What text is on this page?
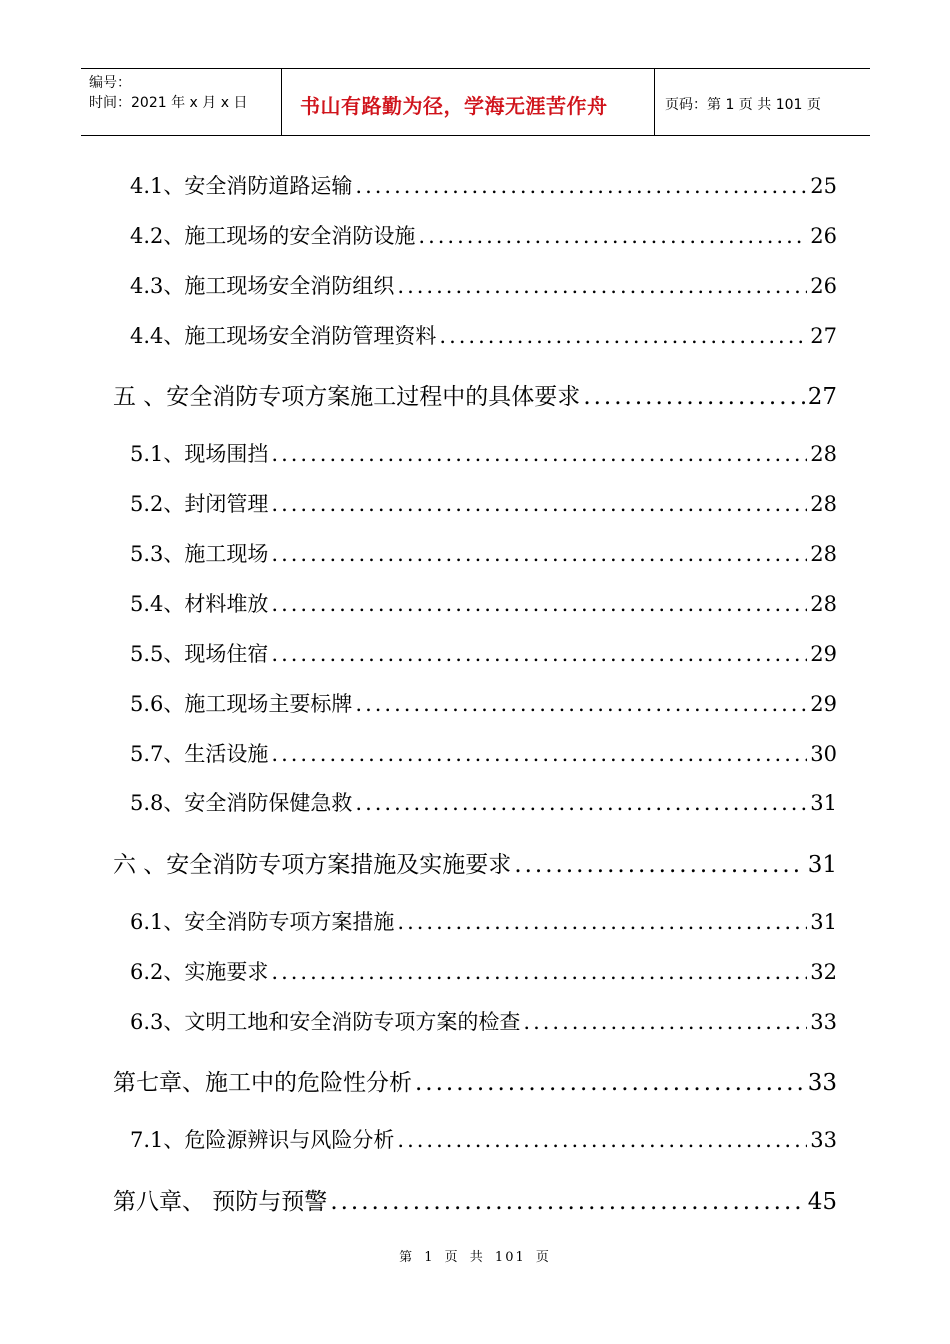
编号：
时间：2021 年 x 月 x 日	书山有路勤为径，学海无涯苦作舟	页码：第 1 页 共 101 页
4.1、安全消防道路运输 .....	25
4.2、施工现场的安全消防设施 .....	26
4.3、施工现场安全消防组织 .....	26
4.4、施工现场安全消防管理资料 .....	27
五 、安全消防专项方案施工过程中的具体要求 .....	27
5.1、现场围挡 .....	28
5.2、封闭管理 .....	28
5.3、施工现场 .....	28
5.4、材料堆放 .....	28
5.5、现场住宿 .....	29
5.6、施工现场主要标牌 .....	29
5.7、生活设施 .....	30
5.8、安全消防保健急救 .....	31
六 、安全消防专项方案措施及实施要求 .....	31
6.1、安全消防专项方案措施 .....	31
6.2、实施要求 .....	32
6.3、文明工地和安全消防专项方案的检查 .....	33
第七章、施工中的危险性分析 .....	33
7.1、危险源辨识与风险分析 .....	33
第八章、 预防与预警 .....	45
第 1 页 共 101 页
